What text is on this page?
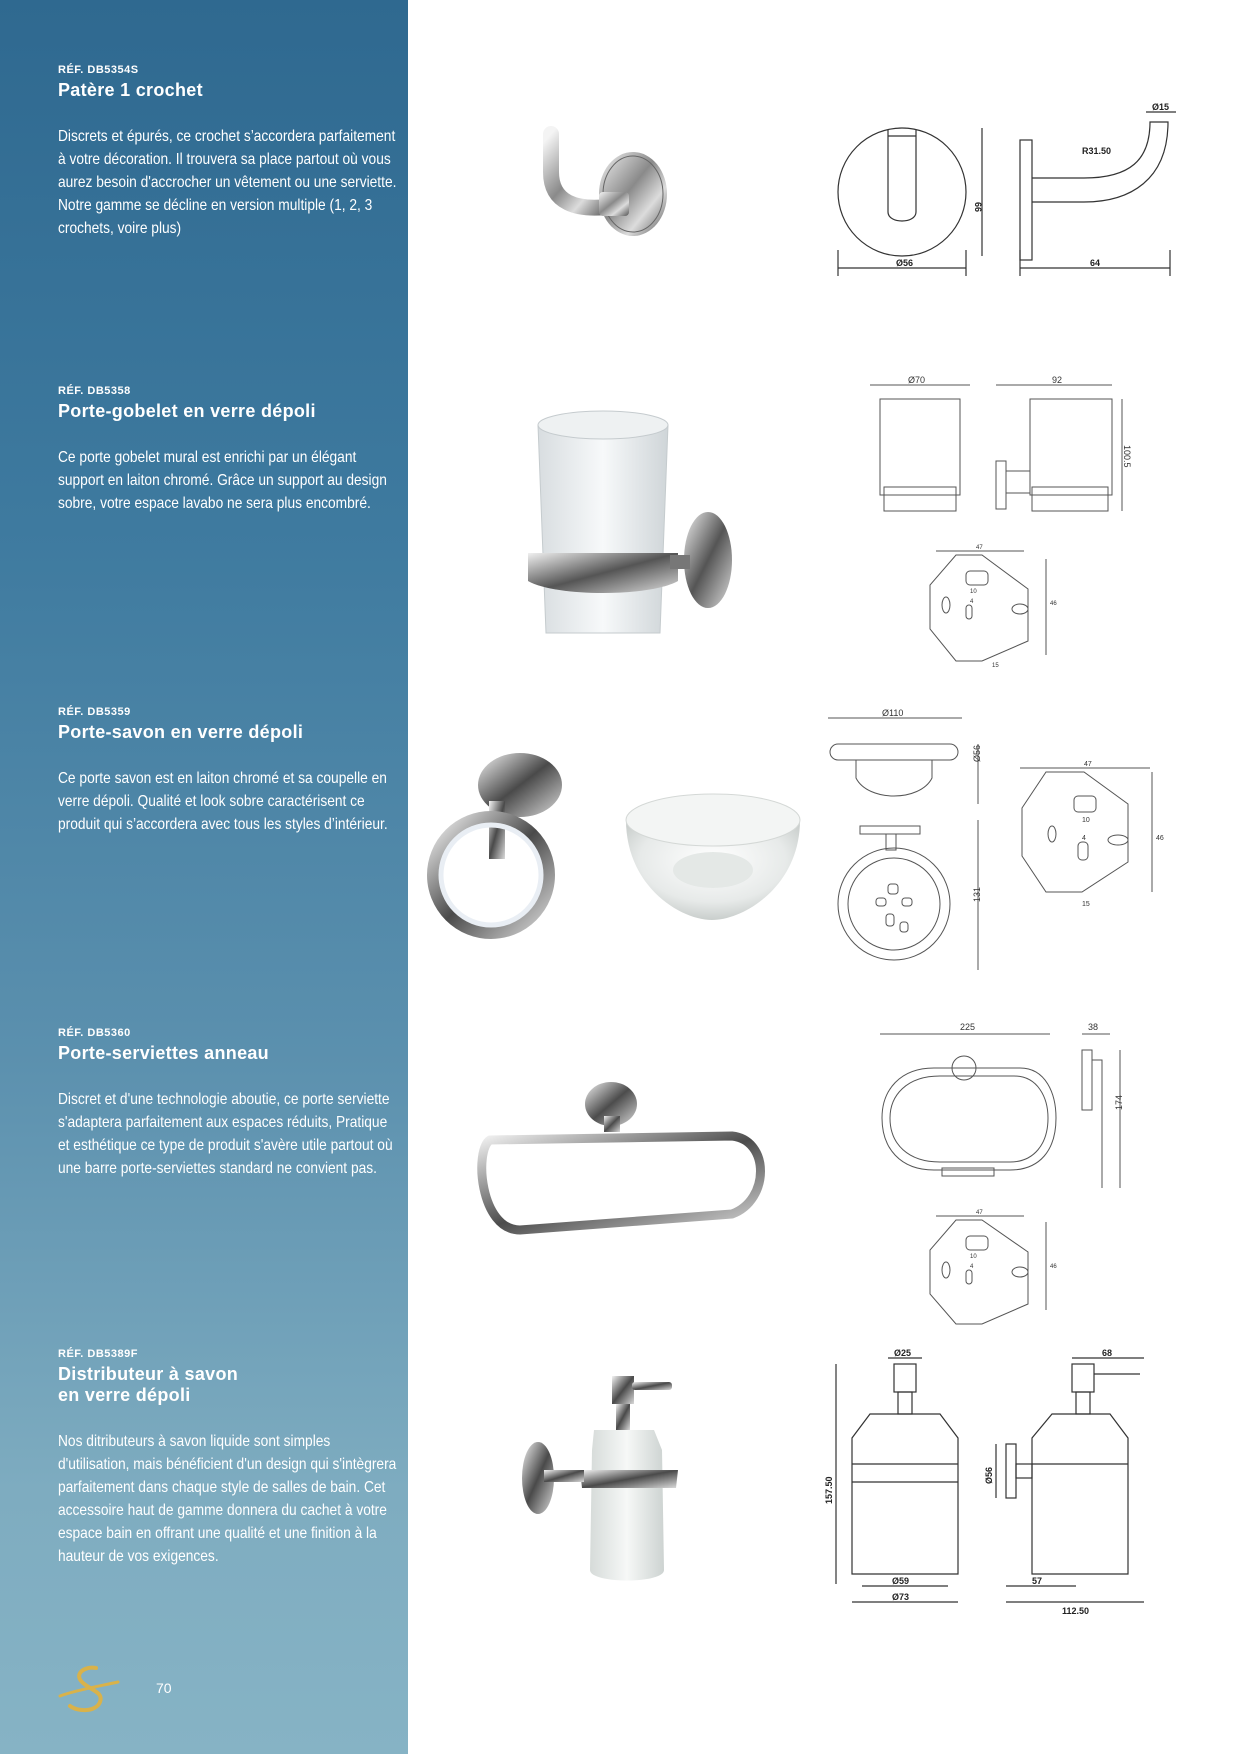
RÉF. DB5354S

Patère 1 crochet

Discrets et épurés, ce crochet s’accordera parfaitement à votre décoration. Il trouvera sa place partout où vous aurez besoin d'accrocher un vêtement ou une serviette. Notre gamme se décline en version multiple (1, 2, 3 crochets, voire plus)

RÉF. DB5358

Porte-gobelet en verre dépoli

Ce porte gobelet mural est enrichi par un élégant support en laiton chromé. Grâce un support au design sobre, votre espace lavabo ne sera plus encombré.

RÉF. DB5359

Porte-savon en verre dépoli

Ce porte savon est en laiton chromé et sa coupelle en verre dépoli. Qualité et look sobre caractérisent ce produit qui s’accordera avec tous les styles d’intérieur.

RÉF. DB5360

Porte-serviettes anneau

Discret et d'une technologie aboutie, ce porte serviette s'adaptera parfaitement aux espaces réduits, Pratique et esthétique ce type de produit s'avère utile partout où une barre porte-serviettes standard ne convient pas.

RÉF. DB5389F

Distributeur à savon
en verre dépoli

Nos ditributeurs à savon liquide sont simples d'utilisation, mais bénéficient d'un design qui s'intègrera parfaitement dans chaque style de salles de bain. Cet accessoire haut de gamme donnera du cachet à votre espace bain en offrant une qualité et une finition à la hauteur de vos exigences.

70
Ø15
R31.50
66
Ø56	64
Ø70	92
100.5
47
10
4	46
15
Ø110
Ø56
131
47
10
4	46
15
225	38
174
47
10
4	46
Ø25
157.50
Ø59
Ø73
68
Ø56
57
112.50
